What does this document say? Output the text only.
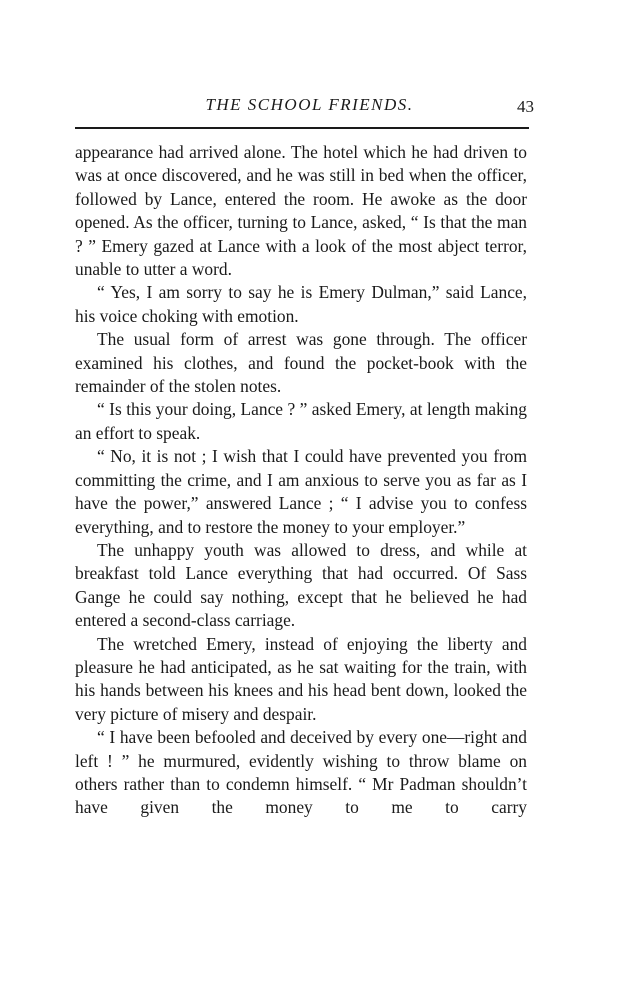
THE SCHOOL FRIENDS.	43

appearance had arrived alone. The hotel which he had driven to was at once discovered, and he was still in bed when the officer, followed by Lance, entered the room. He awoke as the door opened. As the officer, turning to Lance, asked, “ Is that the man ? ” Emery gazed at Lance with a look of the most abject terror, unable to utter a word.

“ Yes, I am sorry to say he is Emery Dulman,” said Lance, his voice choking with emotion.

The usual form of arrest was gone through. The officer examined his clothes, and found the pocket-book with the remainder of the stolen notes.

“ Is this your doing, Lance ? ” asked Emery, at length making an effort to speak.

“ No, it is not ; I wish that I could have prevented you from committing the crime, and I am anxious to serve you as far as I have the power,” answered Lance ; “ I advise you to confess everything, and to restore the money to your employer.”

The unhappy youth was allowed to dress, and while at breakfast told Lance everything that had occurred. Of Sass Gange he could say nothing, except that he believed he had entered a second-class carriage.

The wretched Emery, instead of enjoying the liberty and pleasure he had anticipated, as he sat waiting for the train, with his hands between his knees and his head bent down, looked the very picture of misery and despair.

“ I have been befooled and deceived by every one—right and left ! ” he murmured, evidently wishing to throw blame on others rather than to condemn himself. “ Mr Padman shouldn’t have given the money to me to carry
